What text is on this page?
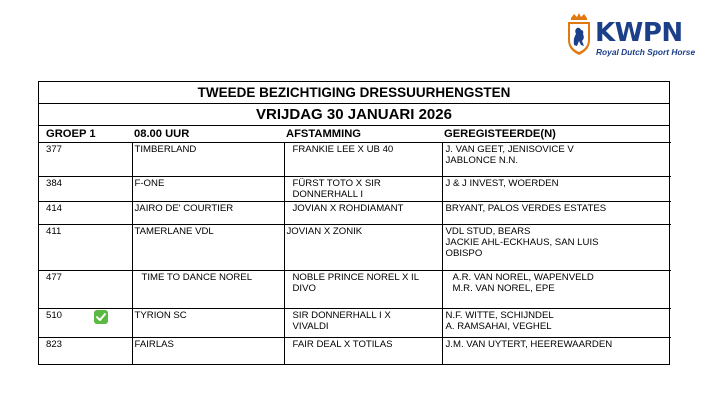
KWPN
Royal Dutch Sport Horse
TWEEDE BEZICHTIGING DRESSUURHENGSTEN
VRIJDAG 30 JANUARI 2026
GROEP 1	08.00 UUR	AFSTAMMING	GEREGISTEERDE(N)
377	TIMBERLAND	FRANKIE LEE X UB 40	J. VAN GEET, JENISOVICE V
JABLONCE N.N.

384	F-ONE	FÜRST TOTO X SIR
DONNERHALL I	J & J INVEST, WOERDEN

414	JAIRO DE' COURTIER	JOVIAN X ROHDIAMANT	BRYANT, PALOS VERDES ESTATES

411	TAMERLANE VDL	JOVIAN X ZONIK	VDL STUD, BEARS
JACKIE AHL-ECKHAUS, SAN LUIS
OBISPO

477	TIME TO DANCE NOREL	NOBLE PRINCE NOREL X IL
DIVO	A.R. VAN NOREL, WAPENVELD
M.R. VAN NOREL, EPE

510	TYRION SC	SIR DONNERHALL I X
VIVALDI	N.F. WITTE, SCHIJNDEL
A. RAMSAHAI, VEGHEL

823	FAIRLAS	FAIR DEAL X TOTILAS	J.M. VAN UYTERT, HEEREWAARDEN
